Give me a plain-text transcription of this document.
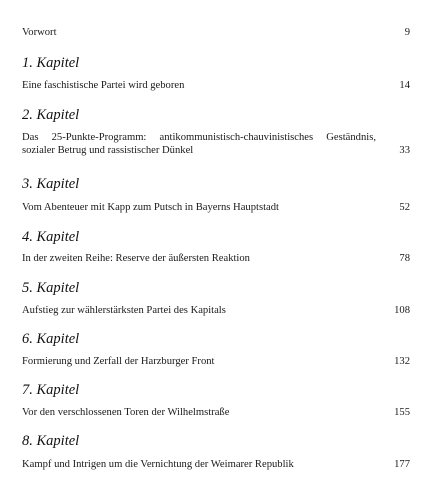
Vorwort	9
1. Kapitel
Eine faschistische Partei wird geboren	14
2. Kapitel
Das 25-Punkte-Programm: antikommunistisch-chauvinistisches Geständnis, sozialer Betrug und rassistischer Dünkel	33
3. Kapitel
Vom Abenteuer mit Kapp zum Putsch in Bayerns Hauptstadt	52
4. Kapitel
In der zweiten Reihe: Reserve der äußersten Reaktion	78
5. Kapitel
Aufstieg zur wählerstärksten Partei des Kapitals	108
6. Kapitel
Formierung und Zerfall der Harzburger Front	132
7. Kapitel
Vor den verschlossenen Toren der Wilhelmstraße	155
8. Kapitel
Kampf und Intrigen um die Vernichtung der Weimarer Republik	177
